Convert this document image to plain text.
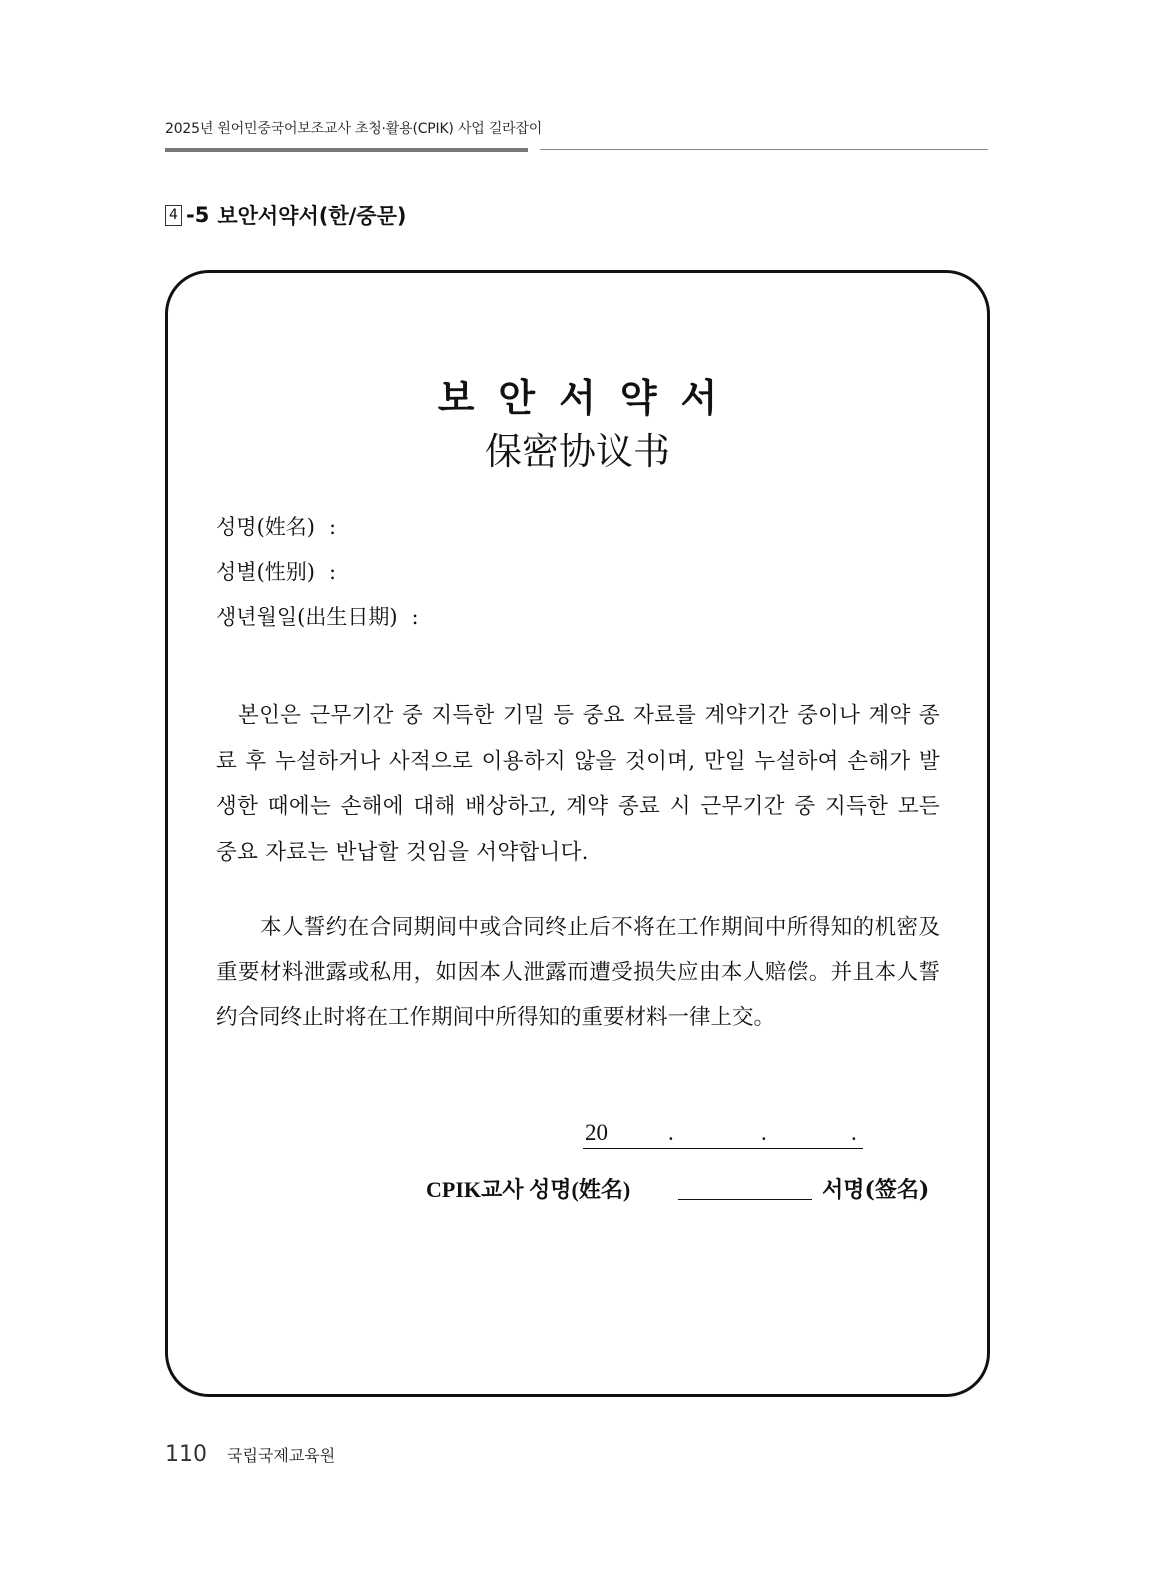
2025년 원어민중국어보조교사 초청·활용(CPIK) 사업 길라잡이
4 -5 보안서약서(한/중문)
보안서약서
保密协议书
성명(姓名) :
성별(性别) :
생년월일(出生日期) :

본인은 근무기간 중 지득한 기밀 등 중요 자료를 계약기간 중이나 계약 종료 후 누설하거나 사적으로 이용하지 않을 것이며, 만일 누설하여 손해가 발생한 때에는 손해에 대해 배상하고, 계약 종료 시 근무기간 중 지득한 모든 중요 자료는 반납할 것임을 서약합니다.

本人誓约在合同期间中或合同终止后不将在工作期间中所得知的机密及重要材料泄露或私用，如因本人泄露而遭受损失应由本人赔偿。并且本人誓约合同终止时将在工作期间中所得知的重要材料一律上交。

20	.	.	.
CPIK교사 성명(姓名)	서명(签名)
110 국립국제교육원
